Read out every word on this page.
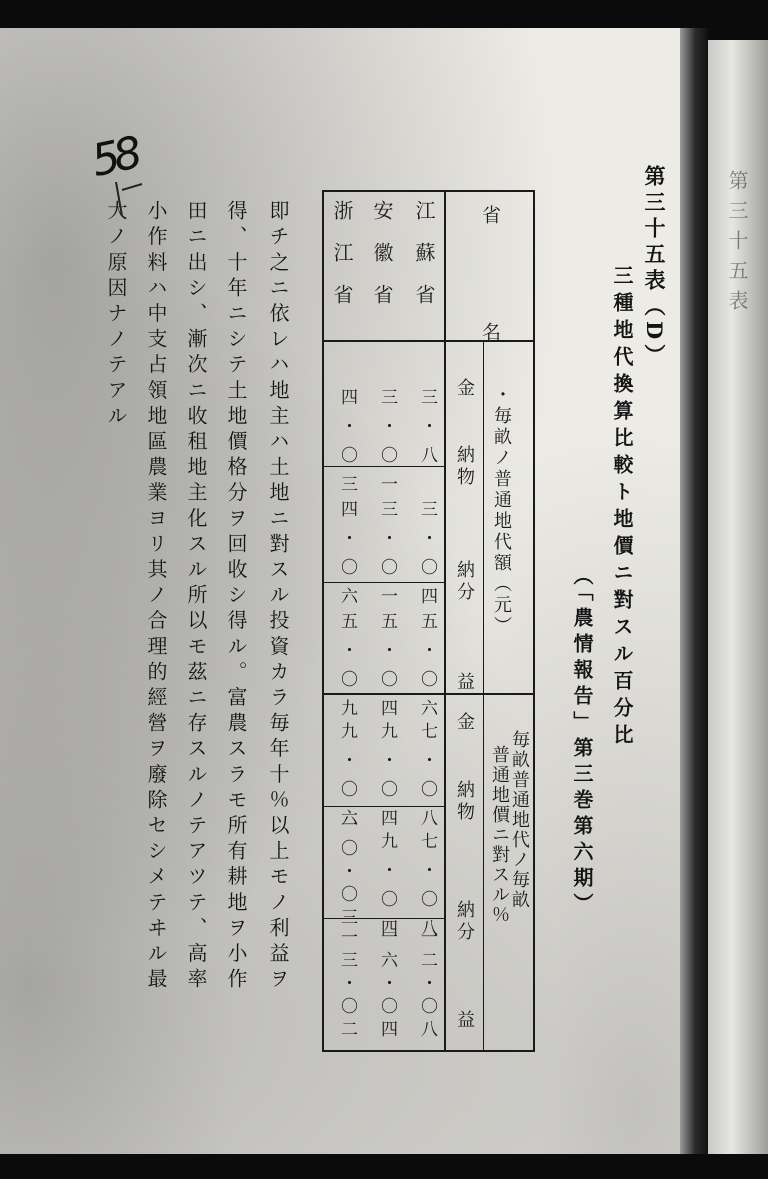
第三十五表
第三十五表（D）
三種地代換算比較ト地價ニ對スル百分比
（「農情報告」第三巻第六期）
省　　名
・毎畝ノ普通地代額（元）
毎畝普通地代ノ毎畝
普通地價ニ對スル％
金
納物
納分
益
金
納物
納分
益
江蘇省
安徽省
浙江省
三・八
三・〇一
四・〇三
三・〇四
三・〇一
四・〇六
五・〇六
五・〇四
五・〇九
七・〇八
九・〇四
九・〇六
七・〇八
九・〇四
一〇・〇三
一二・〇八
一六・〇四
一三・〇二
即チ之ニ依レハ地主ハ土地ニ對スル投資カラ毎年十％以上モノ利益ヲ
得、十年ニシテ土地價格分ヲ回收シ得ル。富農スラモ所有耕地ヲ小作
田ニ出シ、漸次ニ收租地主化スル所以モ茲ニ存スルノテアツテ、高率
小作料ハ中支占領地區農業ヨリ其ノ合理的經營ヲ廢除セシメテヰル最
大ノ原因ナノテアル
58
